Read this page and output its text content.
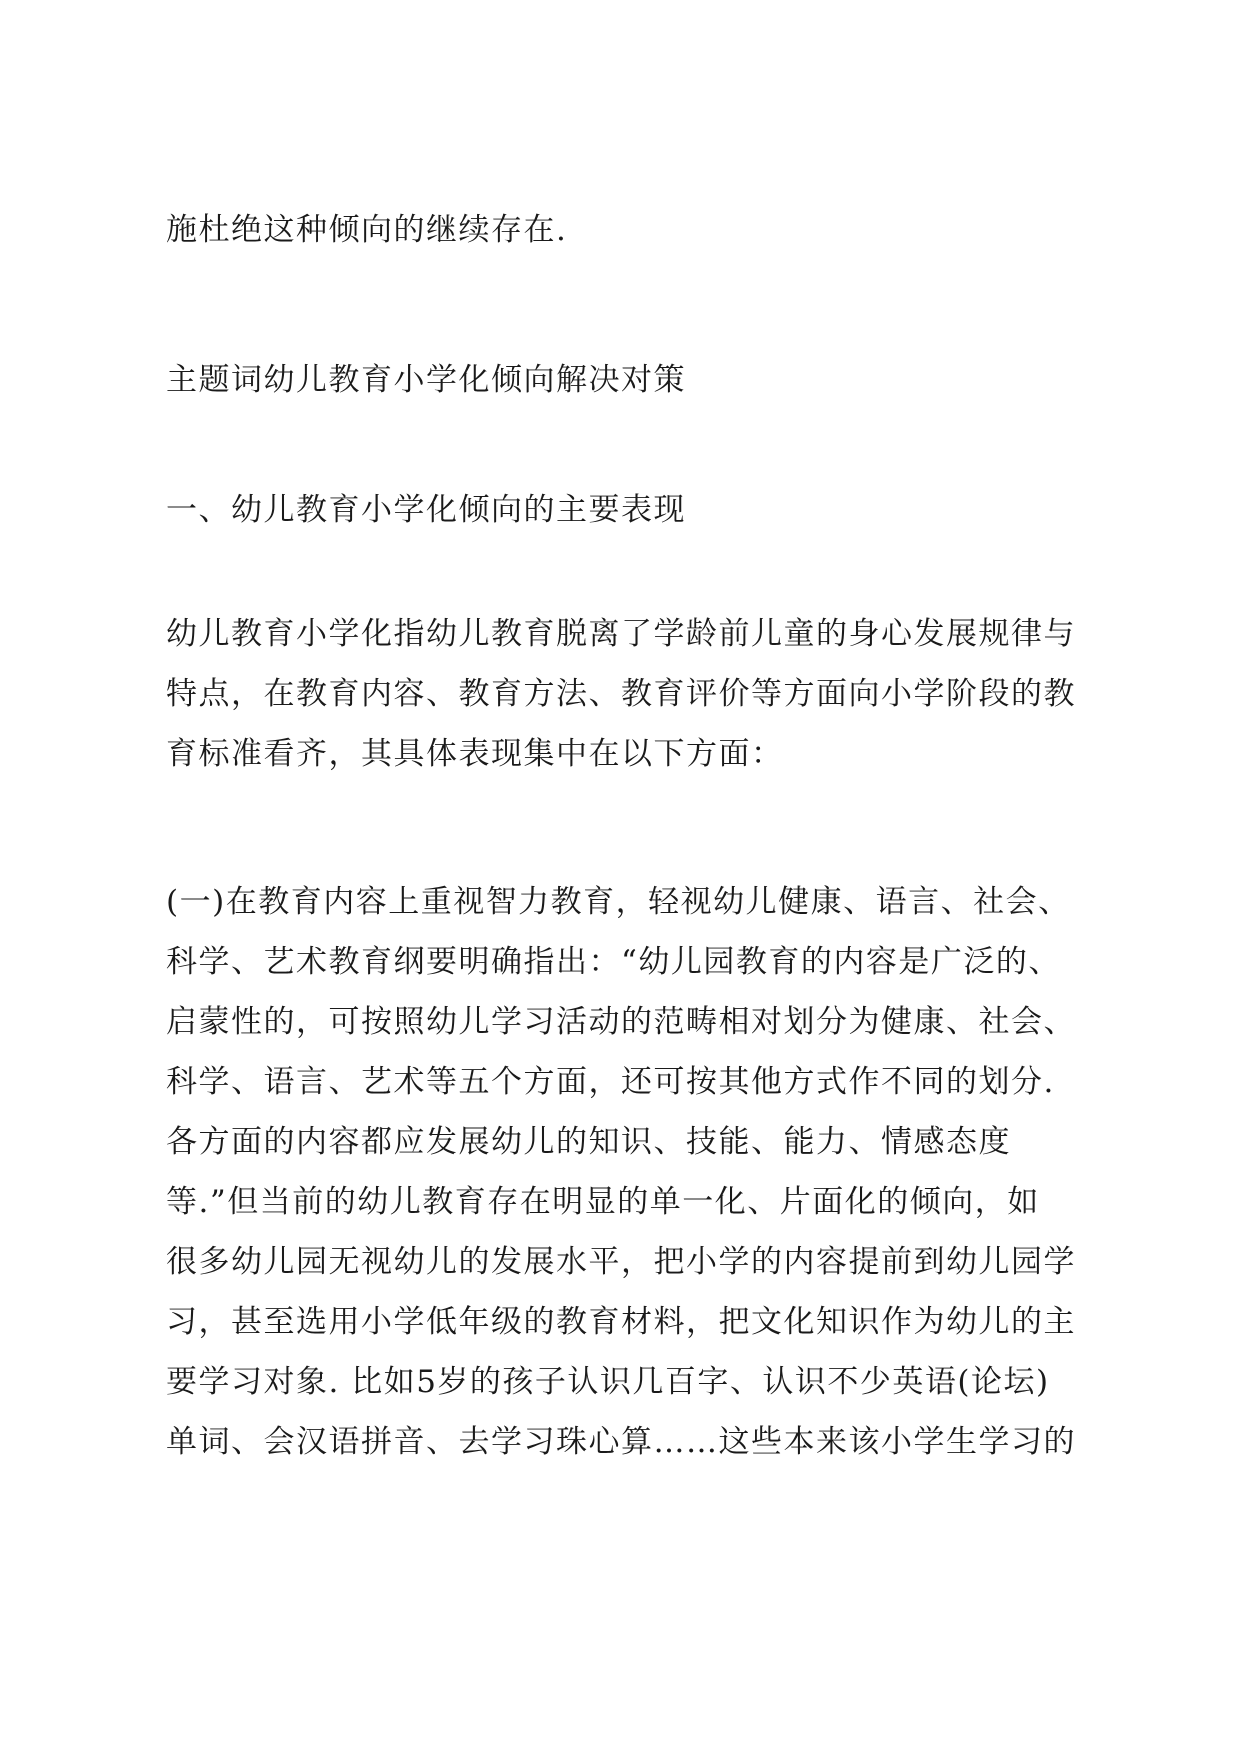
施杜绝这种倾向的继续存在.
主题词幼儿教育小学化倾向解决对策
一、幼儿教育小学化倾向的主要表现
幼儿教育小学化指幼儿教育脱离了学龄前儿童的身心发展规律与
特点，在教育内容、教育方法、教育评价等方面向小学阶段的教
育标准看齐，其具体表现集中在以下方面：
(一)在教育内容上重视智力教育，轻视幼儿健康、语言、社会、
科学、艺术教育纲要明确指出：“幼儿园教育的内容是广泛的、
启蒙性的，可按照幼儿学习活动的范畴相对划分为健康、社会、
科学、语言、艺术等五个方面，还可按其他方式作不同的划分.
各方面的内容都应发展幼儿的知识、技能、能力、情感态度
等.”但当前的幼儿教育存在明显的单一化、片面化的倾向，如
很多幼儿园无视幼儿的发展水平，把小学的内容提前到幼儿园学
习，甚至选用小学低年级的教育材料，把文化知识作为幼儿的主
要学习对象. 比如5岁的孩子认识几百字、认识不少英语(论坛)
单词、会汉语拼音、去学习珠心算……这些本来该小学生学习的
